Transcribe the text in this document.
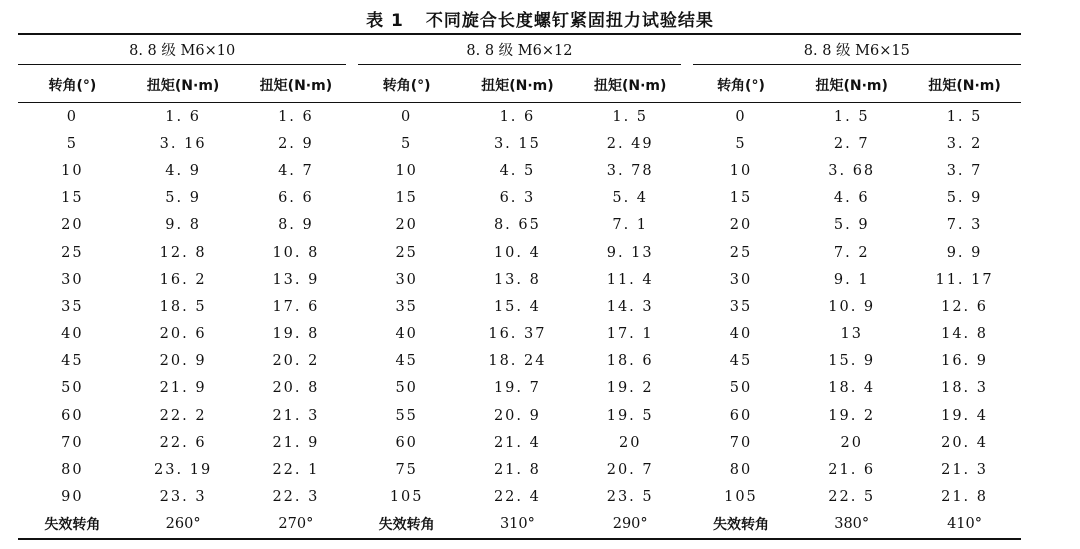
表 1 不同旋合长度螺钉紧固扭力试验结果
8. 8 级 M6×10			8. 8 级 M6×12			8. 8 级 M6×15		

转角(°)	扭矩(N·m)	扭矩(N·m)	转角(°)	扭矩(N·m)	扭矩(N·m)	转角(°)	扭矩(N·m)	扭矩(N·m)
0	1. 6	1. 6	0	1. 6	1. 5	0	1. 5	1. 5
5	3. 16	2. 9	5	3. 15	2. 49	5	2. 7	3. 2
10	4. 9	4. 7	10	4. 5	3. 78	10	3. 68	3. 7
15	5. 9	6. 6	15	6. 3	5. 4	15	4. 6	5. 9
20	9. 8	8. 9	20	8. 65	7. 1	20	5. 9	7. 3
25	12. 8	10. 8	25	10. 4	9. 13	25	7. 2	9. 9
30	16. 2	13. 9	30	13. 8	11. 4	30	9. 1	11. 17
35	18. 5	17. 6	35	15. 4	14. 3	35	10. 9	12. 6
40	20. 6	19. 8	40	16. 37	17. 1	40	13	14. 8
45	20. 9	20. 2	45	18. 24	18. 6	45	15. 9	16. 9
50	21. 9	20. 8	50	19. 7	19. 2	50	18. 4	18. 3
60	22. 2	21. 3	55	20. 9	19. 5	60	19. 2	19. 4
70	22. 6	21. 9	60	21. 4	20	70	20	20. 4
80	23. 19	22. 1	75	21. 8	20. 7	80	21. 6	21. 3
90	23. 3	22. 3	105	22. 4	23. 5	105	22. 5	21. 8
失效转角	260°	270°	失效转角	310°	290°	失效转角	380°	410°
